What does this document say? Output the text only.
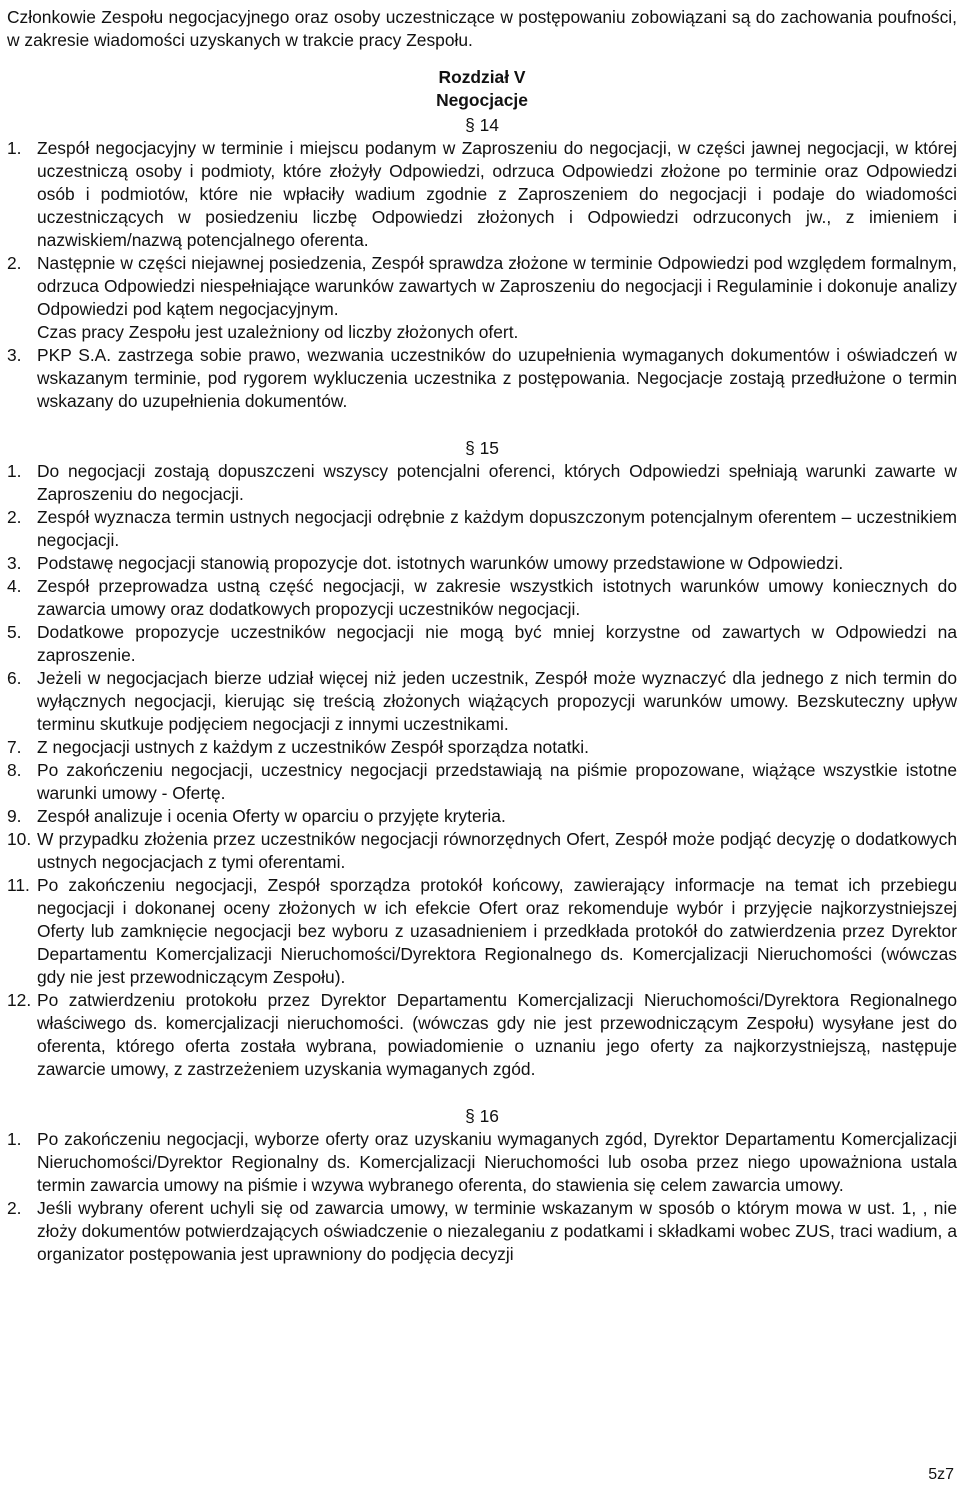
Członkowie Zespołu negocjacyjnego oraz osoby uczestniczące w postępowaniu zobowiązani są do zachowania poufności, w zakresie wiadomości uzyskanych w trakcie pracy Zespołu.
Rozdział V
Negocjacje
§ 14
1. Zespół negocjacyjny w terminie i miejscu podanym w Zaproszeniu do negocjacji, w części jawnej negocjacji, w której uczestniczą osoby i podmioty, które złożyły Odpowiedzi, odrzuca Odpowiedzi złożone po terminie oraz Odpowiedzi osób i podmiotów, które nie wpłaciły wadium zgodnie z Zaproszeniem do negocjacji i podaje do wiadomości uczestniczących w posiedzeniu liczbę Odpowiedzi złożonych i Odpowiedzi odrzuconych jw., z imieniem i nazwiskiem/nazwą potencjalnego oferenta.
2. Następnie w części niejawnej posiedzenia, Zespół sprawdza złożone w terminie Odpowiedzi pod względem formalnym, odrzuca Odpowiedzi niespełniające warunków zawartych w Zaproszeniu do negocjacji i Regulaminie i dokonuje analizy Odpowiedzi pod kątem negocjacyjnym.
Czas pracy Zespołu jest uzależniony od liczby złożonych ofert.
3. PKP S.A. zastrzega sobie prawo, wezwania uczestników do uzupełnienia wymaganych dokumentów i oświadczeń w wskazanym terminie, pod rygorem wykluczenia uczestnika z postępowania. Negocjacje zostają przedłużone o termin wskazany do uzupełnienia dokumentów.
§ 15
1. Do negocjacji zostają dopuszczeni wszyscy potencjalni oferenci, których Odpowiedzi spełniają warunki zawarte w Zaproszeniu do negocjacji.
2. Zespół wyznacza termin ustnych negocjacji odrębnie z każdym dopuszczonym potencjalnym oferentem – uczestnikiem negocjacji.
3. Podstawę negocjacji stanowią propozycje dot. istotnych warunków umowy przedstawione w Odpowiedzi.
4. Zespół przeprowadza ustną część negocjacji, w zakresie wszystkich istotnych warunków umowy koniecznych do zawarcia umowy oraz dodatkowych propozycji uczestników negocjacji.
5. Dodatkowe propozycje uczestników negocjacji nie mogą być mniej korzystne od zawartych w Odpowiedzi na zaproszenie.
6. Jeżeli w negocjacjach bierze udział więcej niż jeden uczestnik, Zespół może wyznaczyć dla jednego z nich termin do wyłącznych negocjacji, kierując się treścią złożonych wiążących propozycji warunków umowy. Bezskuteczny upływ terminu skutkuje podjęciem negocjacji z innymi uczestnikami.
7. Z negocjacji ustnych z każdym z uczestników Zespół sporządza notatki.
8. Po zakończeniu negocjacji, uczestnicy negocjacji przedstawiają na piśmie propozowane, wiążące wszystkie istotne warunki umowy - Ofertę.
9. Zespół analizuje i ocenia Oferty w oparciu o przyjęte kryteria.
10. W przypadku złożenia przez uczestników negocjacji równorzędnych Ofert, Zespół może podjąć decyzję o dodatkowych ustnych negocjacjach z tymi oferentami.
11. Po zakończeniu negocjacji, Zespół sporządza protokół końcowy, zawierający informacje na temat ich przebiegu negocjacji i dokonanej oceny złożonych w ich efekcie Ofert oraz rekomenduje wybór i przyjęcie najkorzystniejszej Oferty lub zamknięcie negocjacji bez wyboru z uzasadnieniem i przedkłada protokół do zatwierdzenia przez Dyrektor Departamentu Komercjalizacji Nieruchomości/Dyrektora Regionalnego ds. Komercjalizacji Nieruchomości (wówczas gdy nie jest przewodniczącym Zespołu).
12. Po zatwierdzeniu protokołu przez Dyrektor Departamentu Komercjalizacji Nieruchomości/Dyrektora Regionalnego właściwego ds. komercjalizacji nieruchomości. (wówczas gdy nie jest przewodniczącym Zespołu) wysyłane jest do oferenta, którego oferta została wybrana, powiadomienie o uznaniu jego oferty za najkorzystniejszą, następuje zawarcie umowy, z zastrzeżeniem uzyskania wymaganych zgód.
§ 16
1. Po zakończeniu negocjacji, wyborze oferty oraz uzyskaniu wymaganych zgód, Dyrektor Departamentu Komercjalizacji Nieruchomości/Dyrektor Regionalny ds. Komercjalizacji Nieruchomości lub osoba przez niego upoważniona ustala termin zawarcia umowy na piśmie i wzywa wybranego oferenta, do stawienia się celem zawarcia umowy.
2. Jeśli wybrany oferent uchyli się od zawarcia umowy, w terminie wskazanym w sposób o którym mowa w ust. 1, , nie złoży dokumentów potwierdzających oświadczenie o niezaleganiu z podatkami i składkami wobec ZUS, traci wadium, a organizator postępowania jest uprawniony do podjęcia decyzji
5z7
